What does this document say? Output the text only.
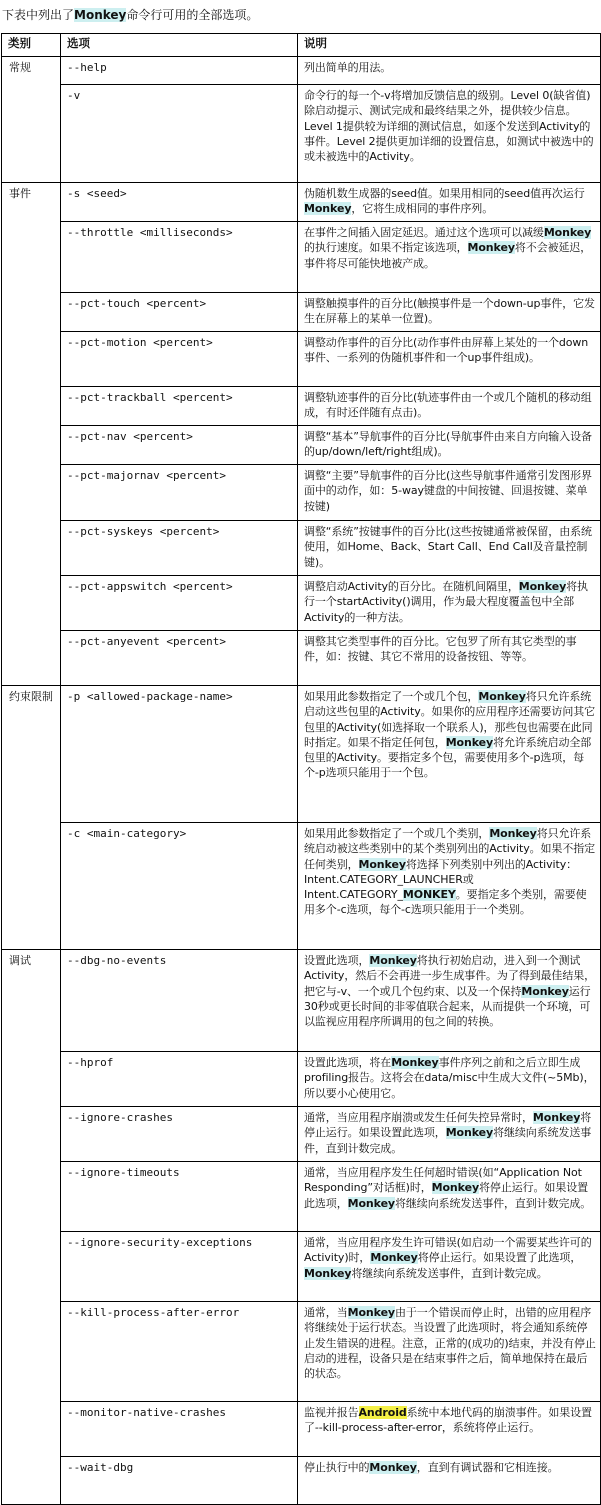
下表中列出了Monkey命令行可用的全部选项。
类别	选项	说明
常规	--help	列出简单的用法。
	-v	命令行的每一个-v将增加反馈信息的级别。Level 0(缺省值)除启动提示、测试完成和最终结果之外，提供较少信息。Level 1提供较为详细的测试信息，如逐个发送到Activity的事件。Level 2提供更加详细的设置信息，如测试中被选中的或未被选中的Activity。
事件	-s <seed>	伪随机数生成器的seed值。如果用相同的seed值再次运行Monkey，它将生成相同的事件序列。
	--throttle <milliseconds>	在事件之间插入固定延迟。通过这个选项可以减缓Monkey的执行速度。如果不指定该选项，Monkey将不会被延迟，事件将尽可能快地被产成。
	--pct-touch <percent>	调整触摸事件的百分比(触摸事件是一个down-up事件，它发生在屏幕上的某单一位置)。
	--pct-motion <percent>	调整动作事件的百分比(动作事件由屏幕上某处的一个down事件、一系列的伪随机事件和一个up事件组成)。
	--pct-trackball <percent>	调整轨迹事件的百分比(轨迹事件由一个或几个随机的移动组成，有时还伴随有点击)。
	--pct-nav <percent>	调整“基本”导航事件的百分比(导航事件由来自方向输入设备的up/down/left/right组成)。
	--pct-majornav <percent>	调整“主要”导航事件的百分比(这些导航事件通常引发图形界面中的动作，如：5-way键盘的中间按键、回退按键、菜单按键)
	--pct-syskeys <percent>	调整“系统”按键事件的百分比(这些按键通常被保留，由系统使用，如Home、Back、Start Call、End Call及音量控制键)。
	--pct-appswitch <percent>	调整启动Activity的百分比。在随机间隔里，Monkey将执行一个startActivity()调用，作为最大程度覆盖包中全部Activity的一种方法。
	--pct-anyevent <percent>	调整其它类型事件的百分比。它包罗了所有其它类型的事件，如：按键、其它不常用的设备按钮、等等。
约束限制	-p <allowed-package-name>	如果用此参数指定了一个或几个包，Monkey将只允许系统启动这些包里的Activity。如果你的应用程序还需要访问其它包里的Activity(如选择取一个联系人)，那些包也需要在此同时指定。如果不指定任何包，Monkey将允许系统启动全部包里的Activity。要指定多个包，需要使用多个-p选项，每个-p选项只能用于一个包。
	-c <main-category>	如果用此参数指定了一个或几个类别，Monkey将只允许系统启动被这些类别中的某个类别列出的Activity。如果不指定任何类别，Monkey将选择下列类别中列出的Activity：Intent.CATEGORY_LAUNCHER或Intent.CATEGORY_MONKEY。要指定多个类别，需要使用多个-c选项，每个-c选项只能用于一个类别。
调试	--dbg-no-events	设置此选项，Monkey将执行初始启动，进入到一个测试Activity，然后不会再进一步生成事件。为了得到最佳结果，把它与-v、一个或几个包约束、以及一个保持Monkey运行30秒或更长时间的非零值联合起来，从而提供一个环境，可以监视应用程序所调用的包之间的转换。
	--hprof	设置此选项，将在Monkey事件序列之前和之后立即生成profiling报告。这将会在data/misc中生成大文件(~5Mb)，所以要小心使用它。
	--ignore-crashes	通常，当应用程序崩溃或发生任何失控异常时，Monkey将停止运行。如果设置此选项，Monkey将继续向系统发送事件，直到计数完成。
	--ignore-timeouts	通常，当应用程序发生任何超时错误(如“Application Not Responding”对话框)时，Monkey将停止运行。如果设置此选项，Monkey将继续向系统发送事件，直到计数完成。
	--ignore-security-exceptions	通常，当应用程序发生许可错误(如启动一个需要某些许可的Activity)时，Monkey将停止运行。如果设置了此选项，Monkey将继续向系统发送事件，直到计数完成。
	--kill-process-after-error	通常，当Monkey由于一个错误而停止时，出错的应用程序将继续处于运行状态。当设置了此选项时，将会通知系统停止发生错误的进程。注意，正常的(成功的)结束，并没有停止启动的进程，设备只是在结束事件之后，简单地保持在最后的状态。
	--monitor-native-crashes	监视并报告Android系统中本地代码的崩溃事件。如果设置了--kill-process-after-error，系统将停止运行。
	--wait-dbg	停止执行中的Monkey，直到有调试器和它相连接。
